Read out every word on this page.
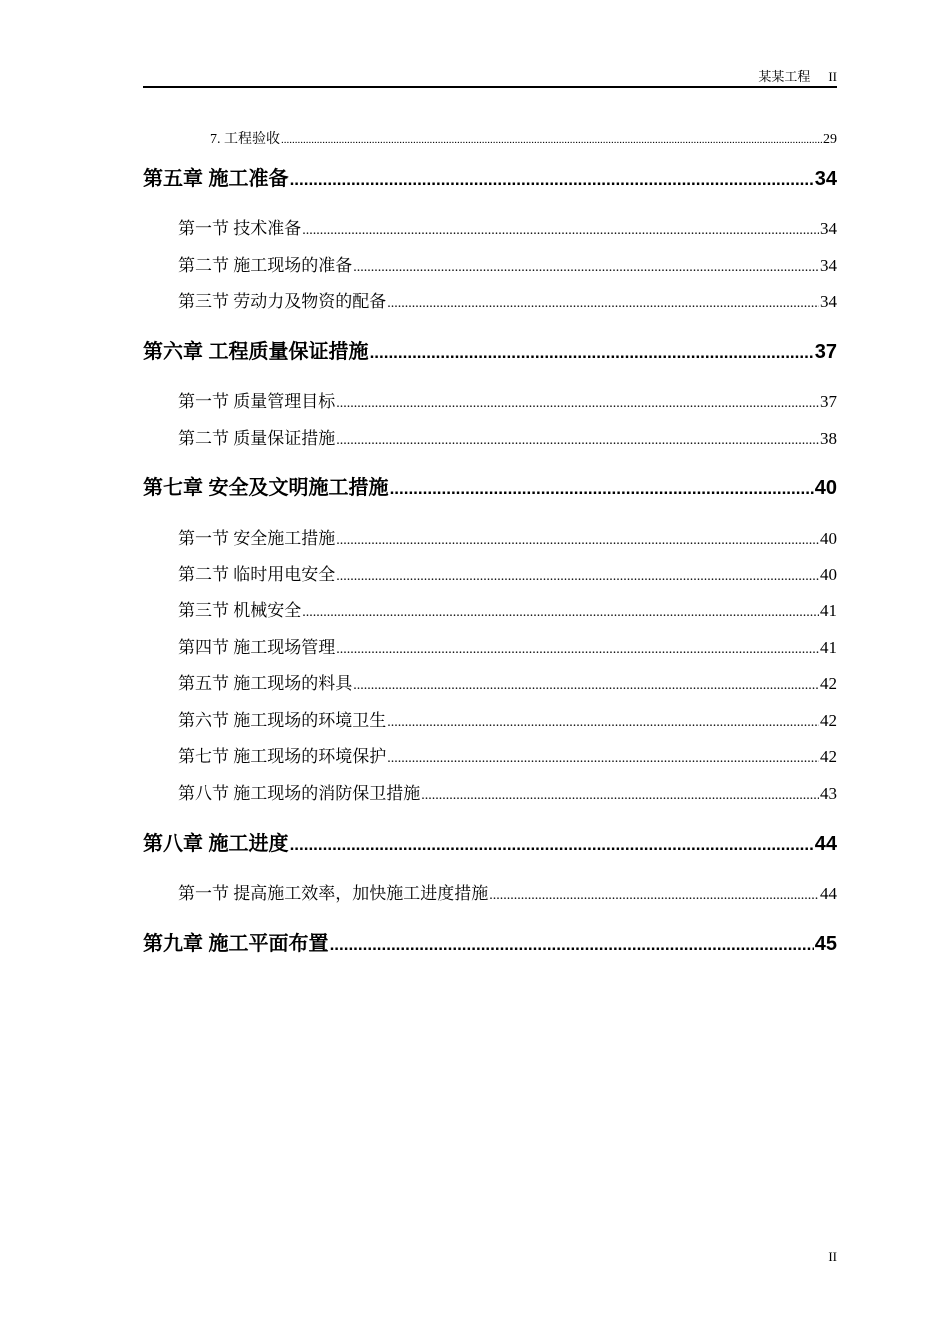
某某工程 II
7. 工程验收 .....	29
第五章 施工准备 .....	34
第一节 技术准备 .....	34
第二节 施工现场的准备 .....	34
第三节 劳动力及物资的配备 .....	34
第六章 工程质量保证措施 .....	37
第一节 质量管理目标 .....	37
第二节 质量保证措施 .....	38
第七章 安全及文明施工措施 .....	40
第一节 安全施工措施 .....	40
第二节 临时用电安全 .....	40
第三节 机械安全 .....	41
第四节 施工现场管理 .....	41
第五节 施工现场的料具 .....	42
第六节 施工现场的环境卫生 .....	42
第七节 施工现场的环境保护 .....	42
第八节 施工现场的消防保卫措施 .....	43
第八章 施工进度 .....	44
第一节 提高施工效率，加快施工进度措施 .....	44
第九章 施工平面布置 .....	45
II
